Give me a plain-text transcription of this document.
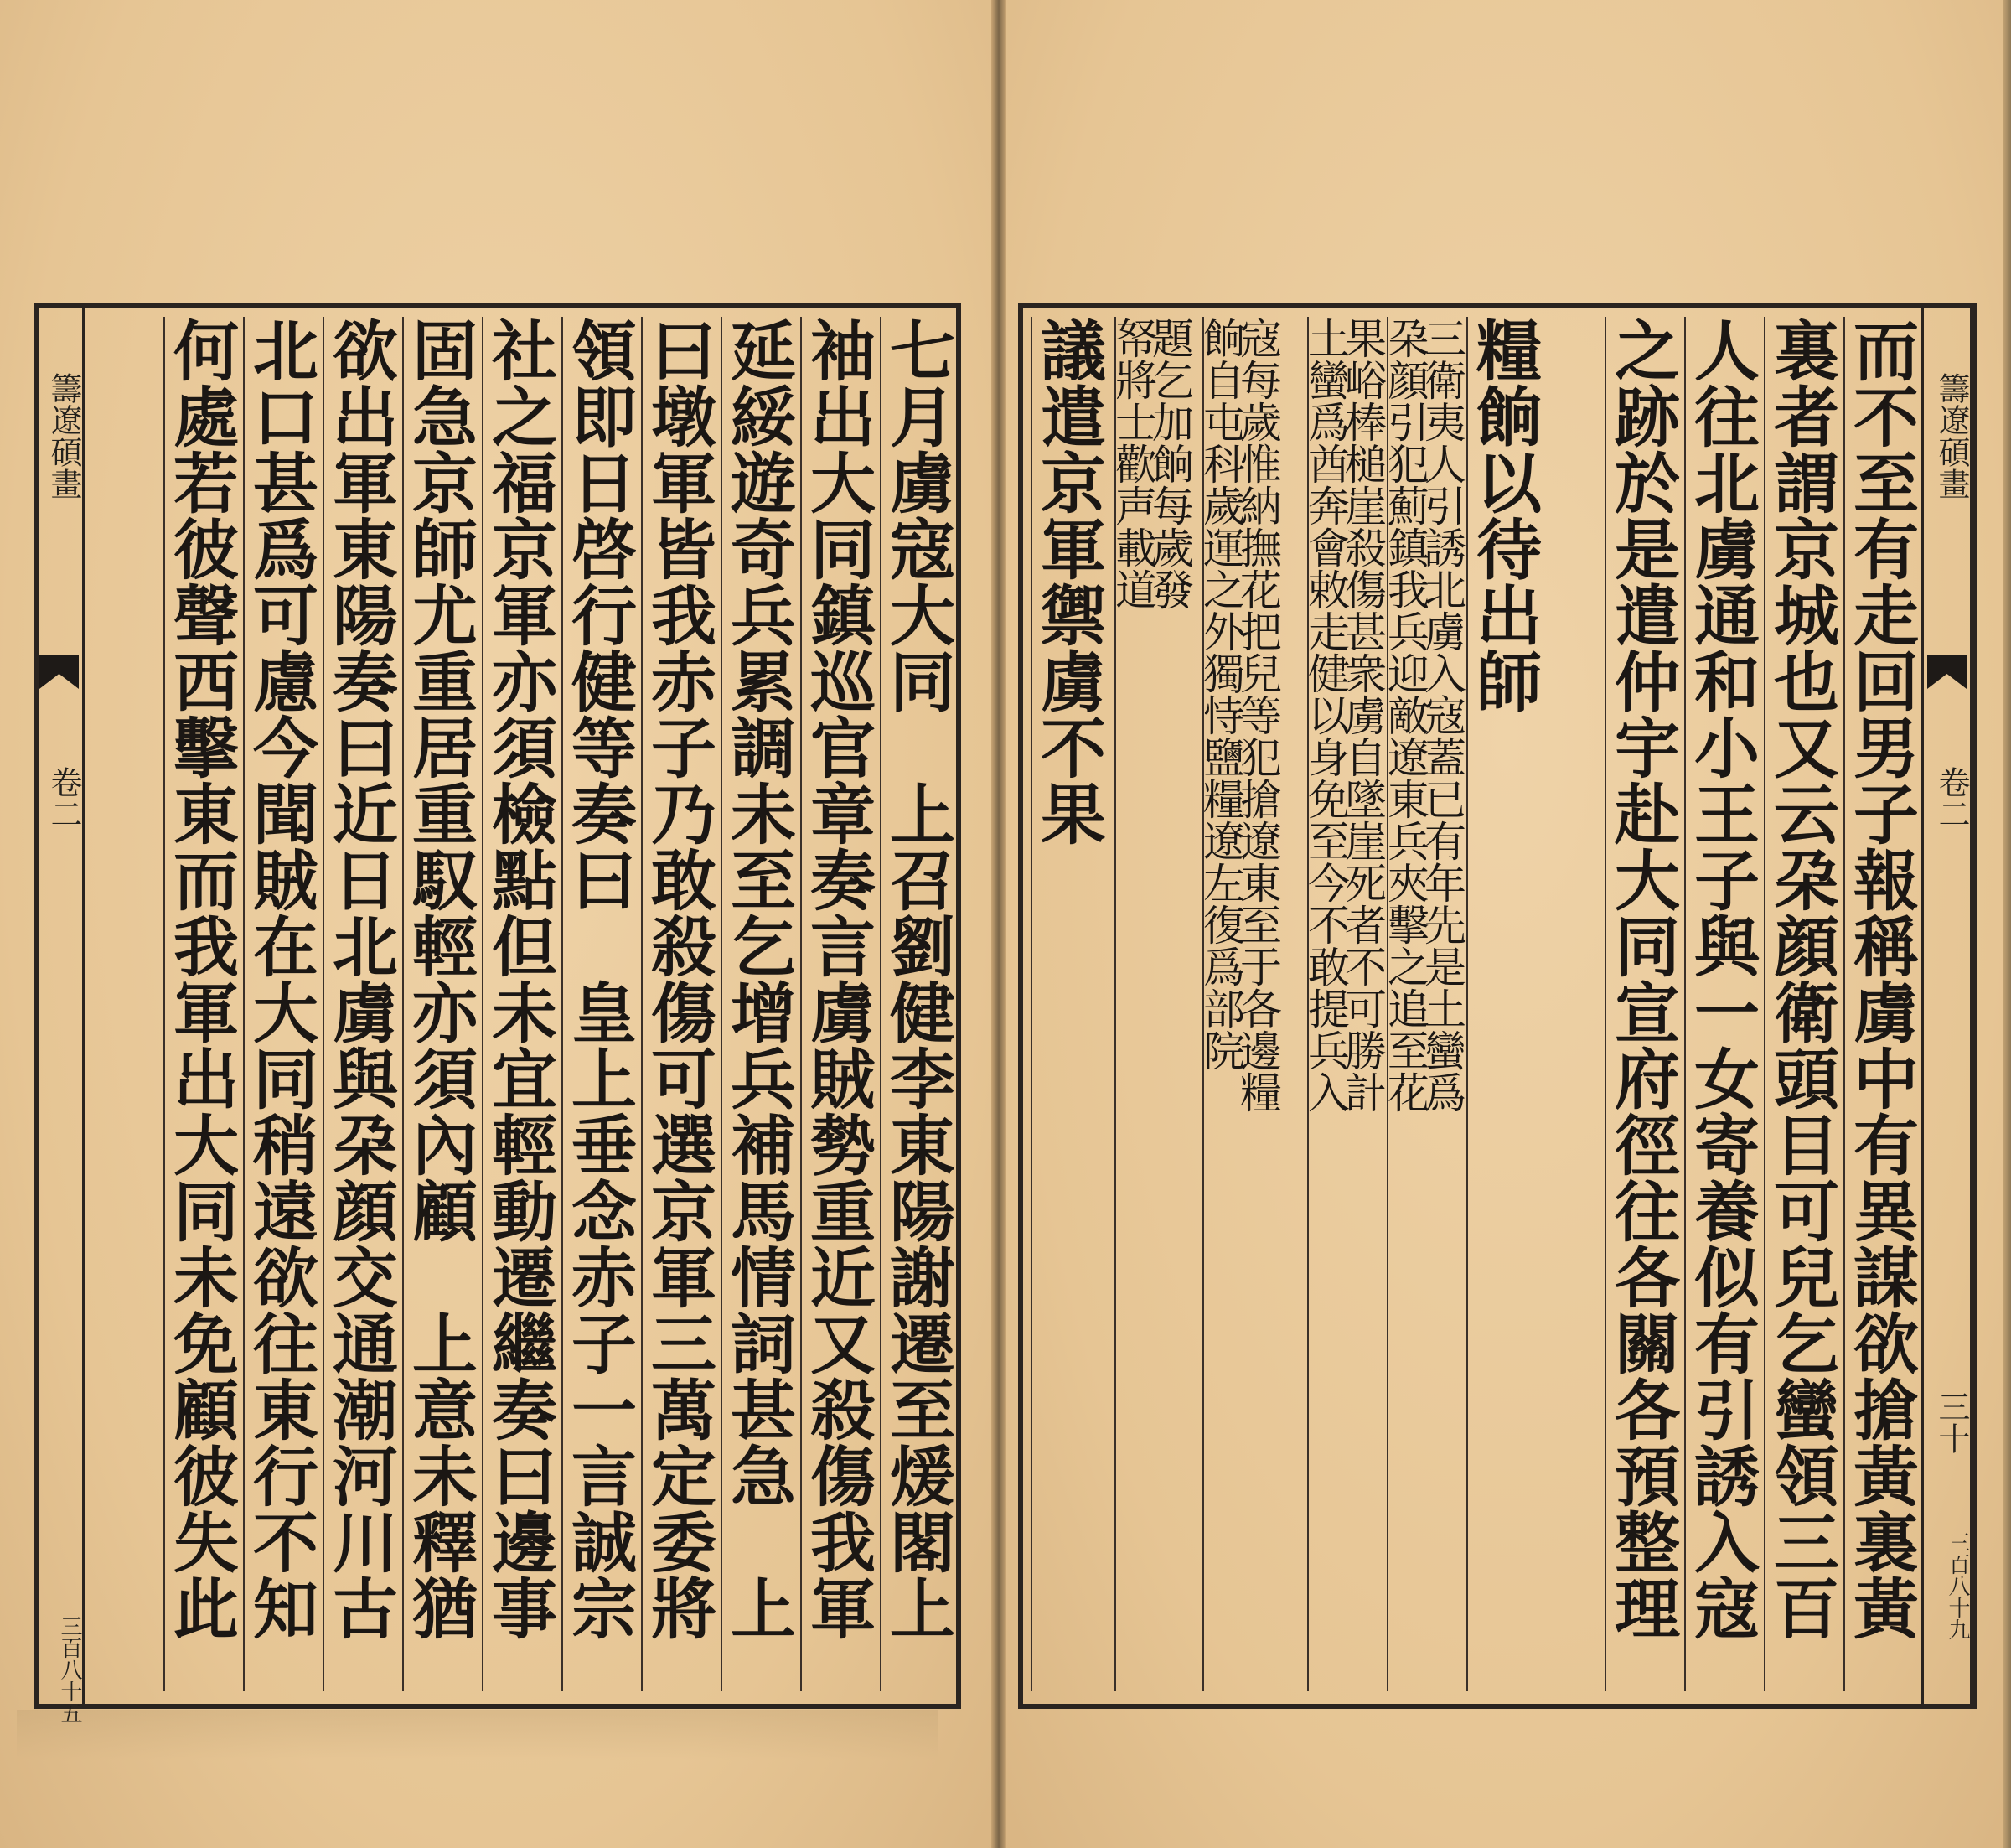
籌遼碩畫
卷二
三百八十五
七月虜寇大同　上召劉健李東陽謝遷至煖閣上
袖出大同鎮巡官章奏言虜賊勢重近又殺傷我軍
延綏遊奇兵累調未至乞增兵補馬情詞甚急　上
曰墩軍皆我赤子乃敢殺傷可選京軍三萬定委將
領即日啓行健等奏曰　皇上垂念赤子一言誠宗
社之福京軍亦須檢點但未宜輕動遷繼奏曰邊事
固急京師尤重居重馭輕亦須內顧　上意未釋猶
欲出軍東陽奏曰近日北虜與朶顔交通潮河川古
北口甚爲可慮今聞賊在大同稍遠欲往東行不知
何處若彼聲西擊東而我軍出大同未免顧彼失此	籌遼碩畫
卷二
三十
三百八十九
而不至有走回男子報稱虜中有異謀欲搶黃裏黃
裏者謂京城也又云朶顔衛頭目可兒乞蠻領三百
人往北虜通和小王子與一女寄養似有引誘入寇
之跡於是遣仲宇赴大同宣府徑往各關各預整理
糧餉以待出師
三衛夷人引誘北虜入寇蓋已有年先是土蠻爲
朶顔引犯薊鎮我兵迎敵遼東兵夾擊之追至花
果峪棒槌崖殺傷甚衆虜自墜崖死者不可勝計
土蠻爲酋奔會敕走健以身免至今不敢提兵入
寇每歲惟納撫花把兒等犯搶遼東至于各邊糧
餉自屯科歲運之外獨恃鹽糧遼左復爲部院
題乞加餉每歲發
帑將士歡声載道
議遣京軍禦虜不果
